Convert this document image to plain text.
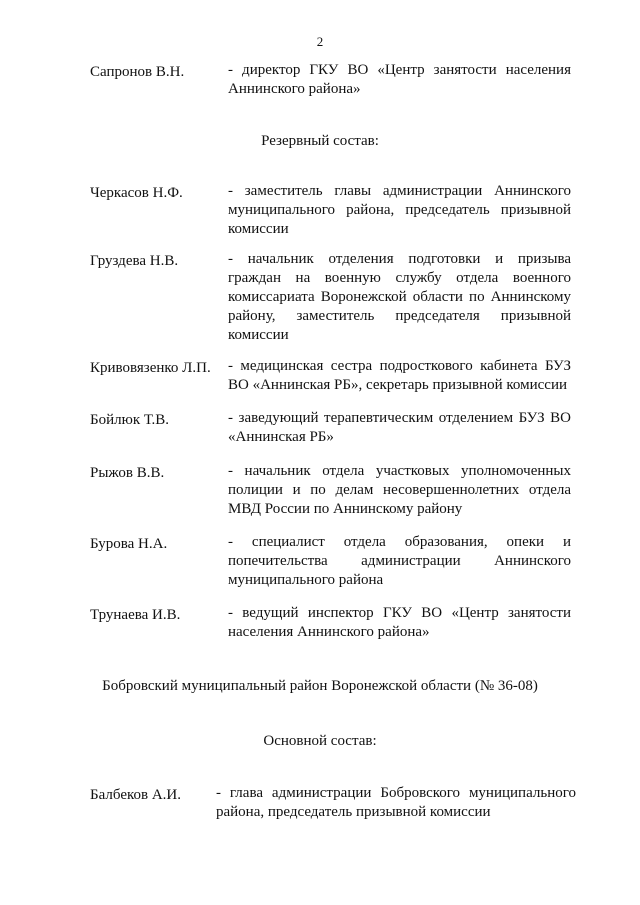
2
Сапронов В.Н.	- директор ГКУ ВО «Центр занятости населения Аннинского района»
Резервный состав:
Черкасов Н.Ф.	- заместитель главы администрации Аннинского муниципального района, председатель призывной комиссии
Груздева Н.В.	- начальник отделения подготовки и призыва граждан на военную службу отдела военного комиссариата Воронежской области по Аннинскому району, заместитель председателя призывной комиссии
Кривовязенко Л.П. - медицинская сестра подросткового кабинета БУЗ ВО «Аннинская РБ», секретарь призывной комиссии
Бойлюк Т.В.	- заведующий терапевтическим отделением БУЗ ВО «Аннинская РБ»
Рыжов В.В.	- начальник отдела участковых уполномоченных полиции и по делам несовершеннолетних отдела МВД России по Аннинскому району
Бурова Н.А.	- специалист отдела образования, опеки и попечительства администрации Аннинского муниципального района
Трунаева И.В.	- ведущий инспектор ГКУ ВО «Центр занятости населения Аннинского района»
Бобровский муниципальный район Воронежской области (№ 36-08)
Основной состав:
Балбеков А.И. - глава администрации Бобровского муниципального района, председатель призывной комиссии
